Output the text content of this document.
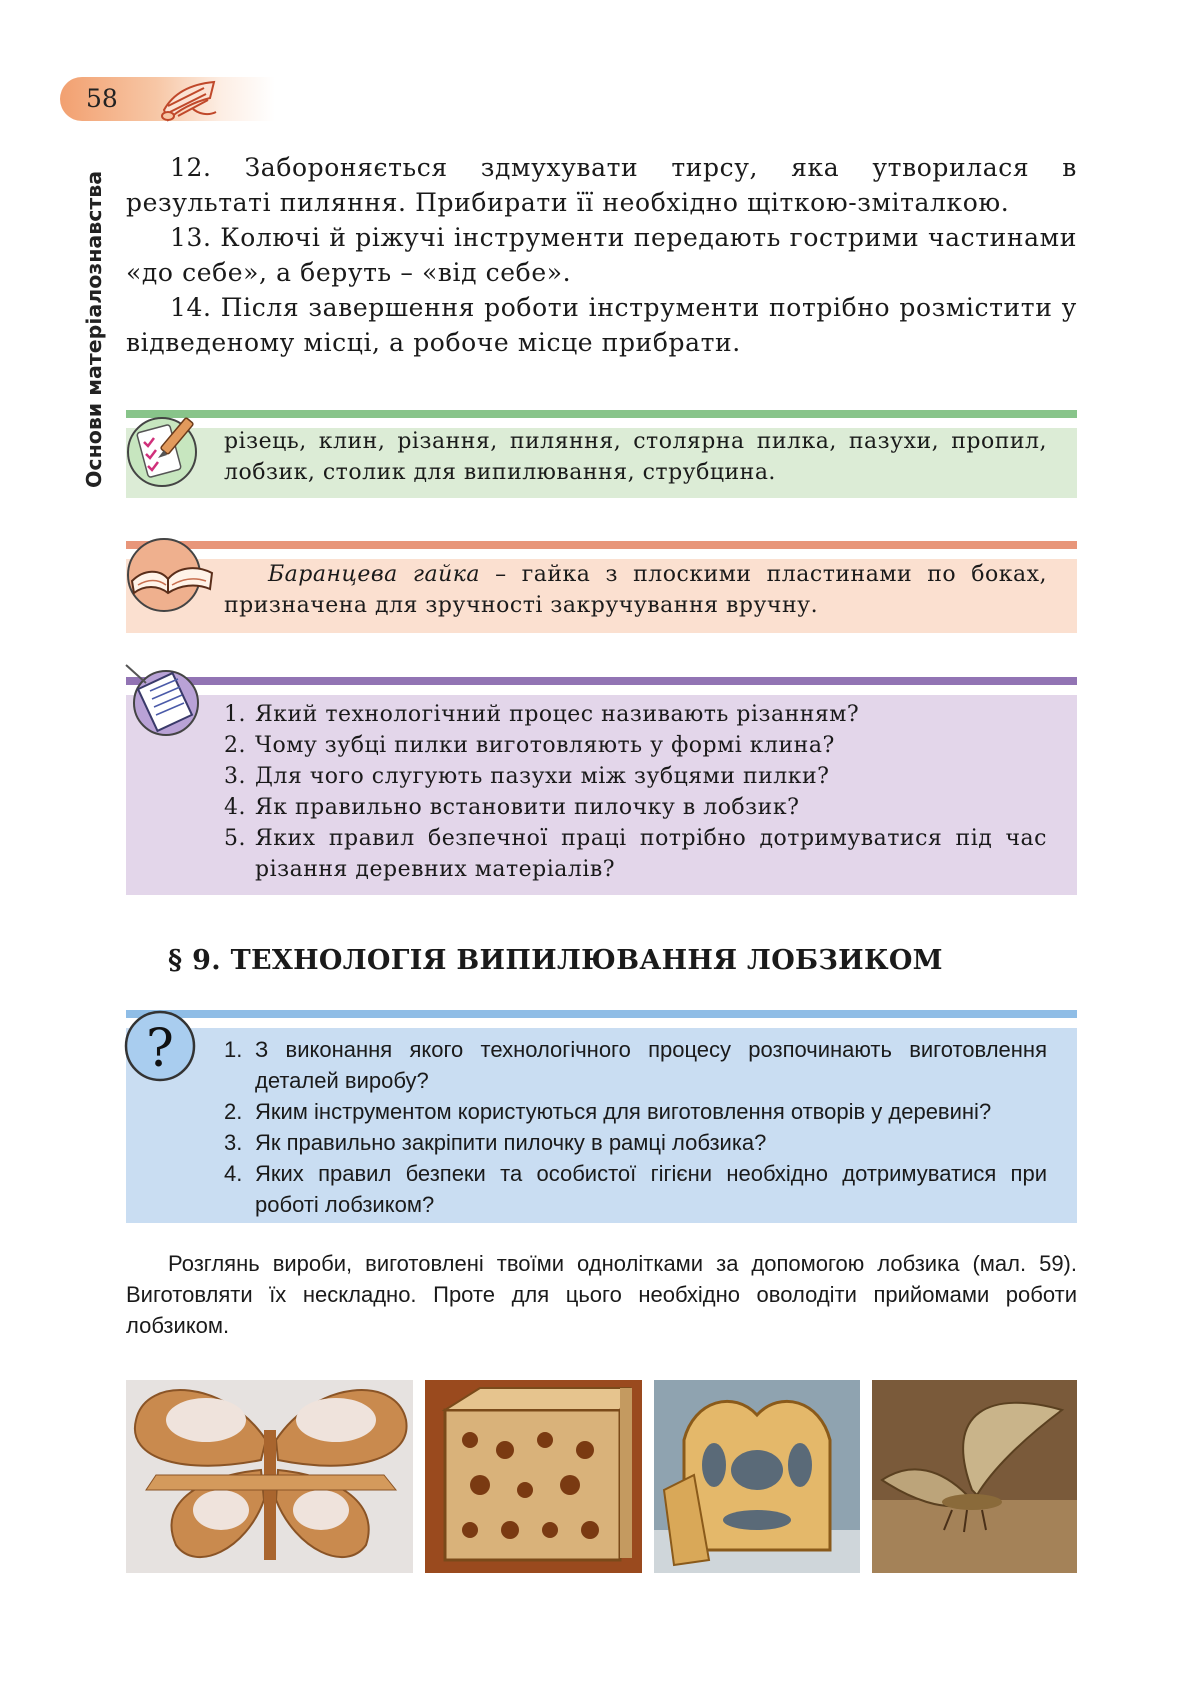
58
Основи матеріалознавства

12. Забороняється здмухувати тирсу, яка утворилася в результаті пиляння. Прибирати її необхідно щіткою-зміталкою.

13. Колючі й ріжучі інструменти передають гострими частинами «до себе», а беруть – «від себе».

14. Після завершення роботи інструменти потрібно розмістити у відведеному місці, а робоче місце прибрати.

різець, клин, різання, пиляння, столярна пилка, пазухи, пропил, лобзик, столик для випилювання, струбцина.
Баранцева гайка – гайка з плоскими пластинами по боках, призначена для зручності закручування вручну.
1. Який технологічний процес називають різанням?
2. Чому зубці пилки виготовляють у формі клина?
3. Для чого слугують пазухи між зубцями пилки?
4. Як правильно встановити пилочку в лобзик?
5. Яких правил безпечної праці потрібно дотримуватися під час різання деревних матеріалів?
§ 9. ТЕХНОЛОГІЯ ВИПИЛЮВАННЯ ЛОБЗИКОМ
? 1. З виконання якого технологічного процесу розпочинають виготовлення деталей виробу?
2. Яким інструментом користуються для виготовлення отворів у деревині?
3. Як правильно закріпити пилочку в рамці лобзика?
4. Яких правил безпеки та особистої гігієни необхідно дотримуватися при роботі лобзиком?

Розглянь вироби, виготовлені твоїми однолітками за допомогою лобзика (мал. 59). Виготовляти їх нескладно. Проте для цього необхідно оволодіти прийомами роботи лобзиком.
